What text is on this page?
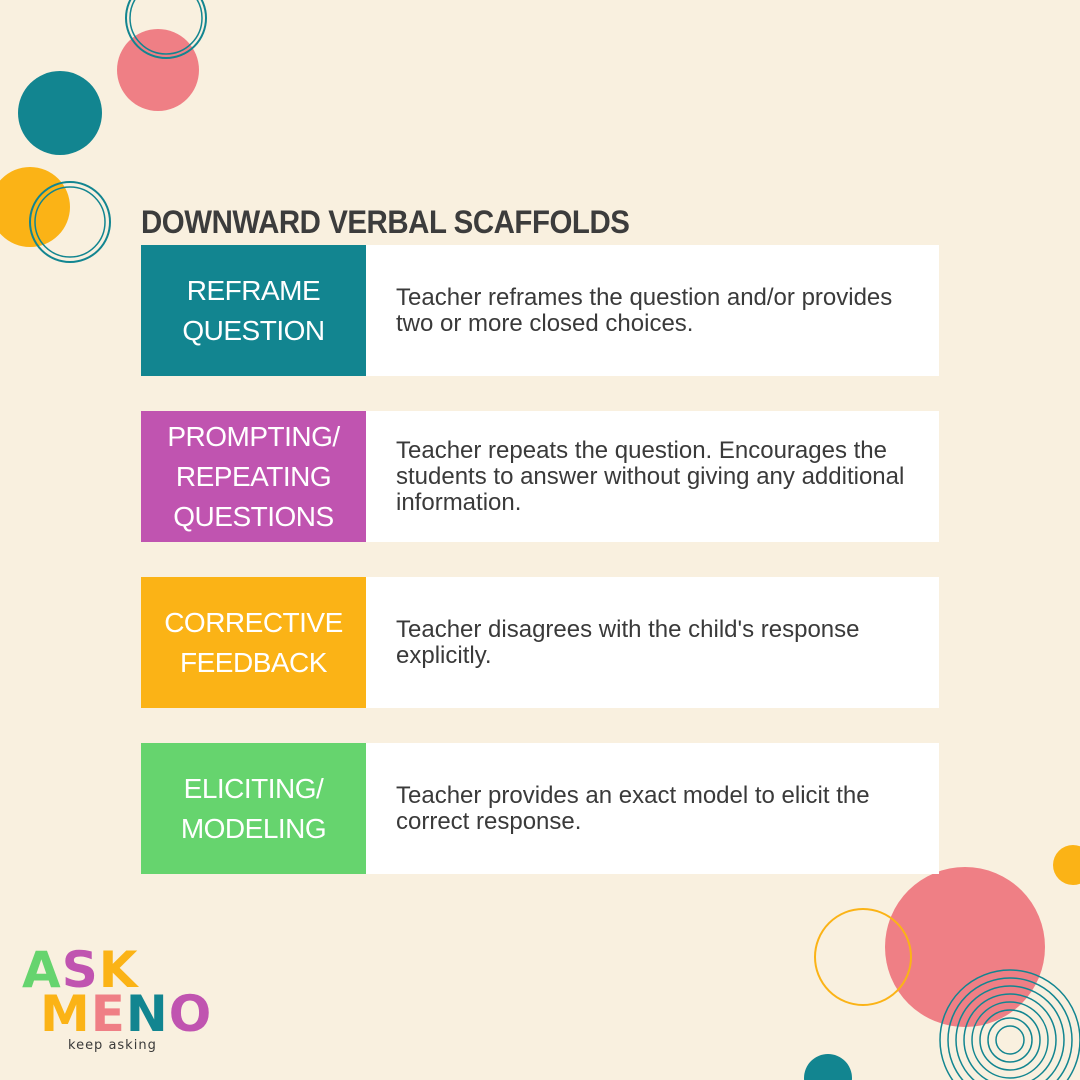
DOWNWARD VERBAL SCAFFOLDS
REFRAME
QUESTION
Teacher reframes the question and/or provides two or more closed choices.
PROMPTING/
REPEATING
QUESTIONS
Teacher repeats the question. Encourages the students to answer without giving any additional information.
CORRECTIVE
FEEDBACK
Teacher disagrees with the child's response explicitly.
ELICITING/
MODELING
Teacher provides an exact model to elicit the correct response.
ASK
MENO
keep asking
